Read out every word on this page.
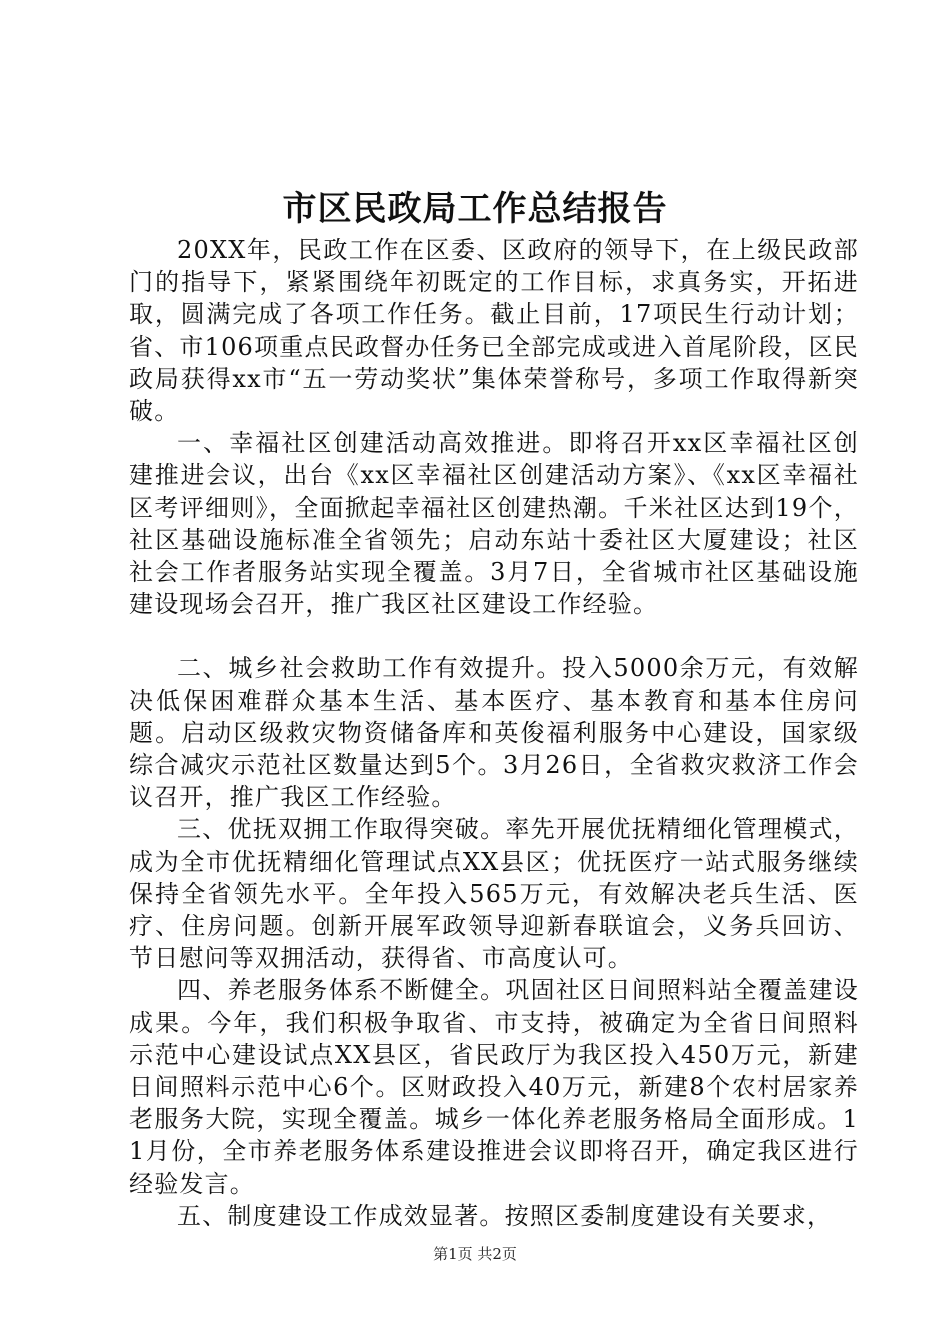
市区民政局工作总结报告

20XX年，民政工作在区委、区政府的领导下，在上级民政部门的指导下，紧紧围绕年初既定的工作目标，求真务实，开拓进取，圆满完成了各项工作任务。截止目前，17项民生行动计划；省、市106项重点民政督办任务已全部完成或进入首尾阶段，区民政局获得xx市“五一劳动奖状”集体荣誉称号，多项工作取得新突破。

一、幸福社区创建活动高效推进。即将召开xx区幸福社区创建推进会议，出台《xx区幸福社区创建活动方案》、《xx区幸福社区考评细则》，全面掀起幸福社区创建热潮。千米社区达到19个，社区基础设施标准全省领先；启动东站十委社区大厦建设；社区社会工作者服务站实现全覆盖。3月7日，全省城市社区基础设施建设现场会召开，推广我区社区建设工作经验。

二、城乡社会救助工作有效提升。投入5000余万元，有效解决低保困难群众基本生活、基本医疗、基本教育和基本住房问题。启动区级救灾物资储备库和英俊福利服务中心建设，国家级综合减灾示范社区数量达到5个。3月26日，全省救灾救济工作会议召开，推广我区工作经验。

三、优抚双拥工作取得突破。率先开展优抚精细化管理模式，成为全市优抚精细化管理试点XX县区；优抚医疗一站式服务继续保持全省领先水平。全年投入565万元，有效解决老兵生活、医疗、住房问题。创新开展军政领导迎新春联谊会，义务兵回访、节日慰问等双拥活动，获得省、市高度认可。

四、养老服务体系不断健全。巩固社区日间照料站全覆盖建设成果。今年，我们积极争取省、市支持，被确定为全省日间照料示范中心建设试点XX县区，省民政厅为我区投入450万元，新建日间照料示范中心6个。区财政投入40万元，新建8个农村居家养老服务大院，实现全覆盖。城乡一体化养老服务格局全面形成。11月份，全市养老服务体系建设推进会议即将召开，确定我区进行经验发言。

五、制度建设工作成效显著。按照区委制度建设有关要求，

第1页 共2页
